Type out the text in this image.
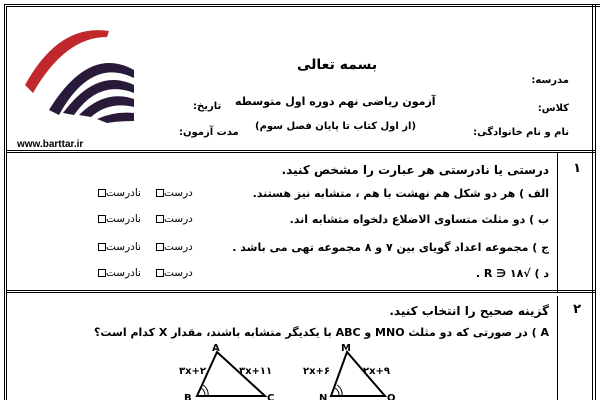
www.barttar.ir
بسمه تعالی
آزمون ریاضی نهم دوره اول متوسطه
(از اول کتاب تا پایان فصل سوم)
تاریخ:
مدت آزمون:
مدرسه:
کلاس:
نام و نام خانوادگی:
۱
درستی یا نادرستی هر عبارت را مشخص کنید.
الف ) هر دو شکل هم نهشت با هم ، متشابه نیز هستند.
درست
نادرست
ب ) دو مثلث متساوی الاضلاع دلخواه متشابه اند.
درست
نادرست
ج ) مجموعه اعداد گویای بین ۷ و ۸ مجموعه تهی می باشد .
درست
نادرست
د ) √۱۸ ∈ R .
درست
نادرست
۲
گزینه صحیح را انتخاب کنید.
A ) در صورتی که دو مثلث MNO و ABC با یکدیگر متشابه باشند، مقدار X کدام است؟
A
B	C
۳x+۲	۳x+۱۱
M
N	O
۲x+۶	۲x+۹
